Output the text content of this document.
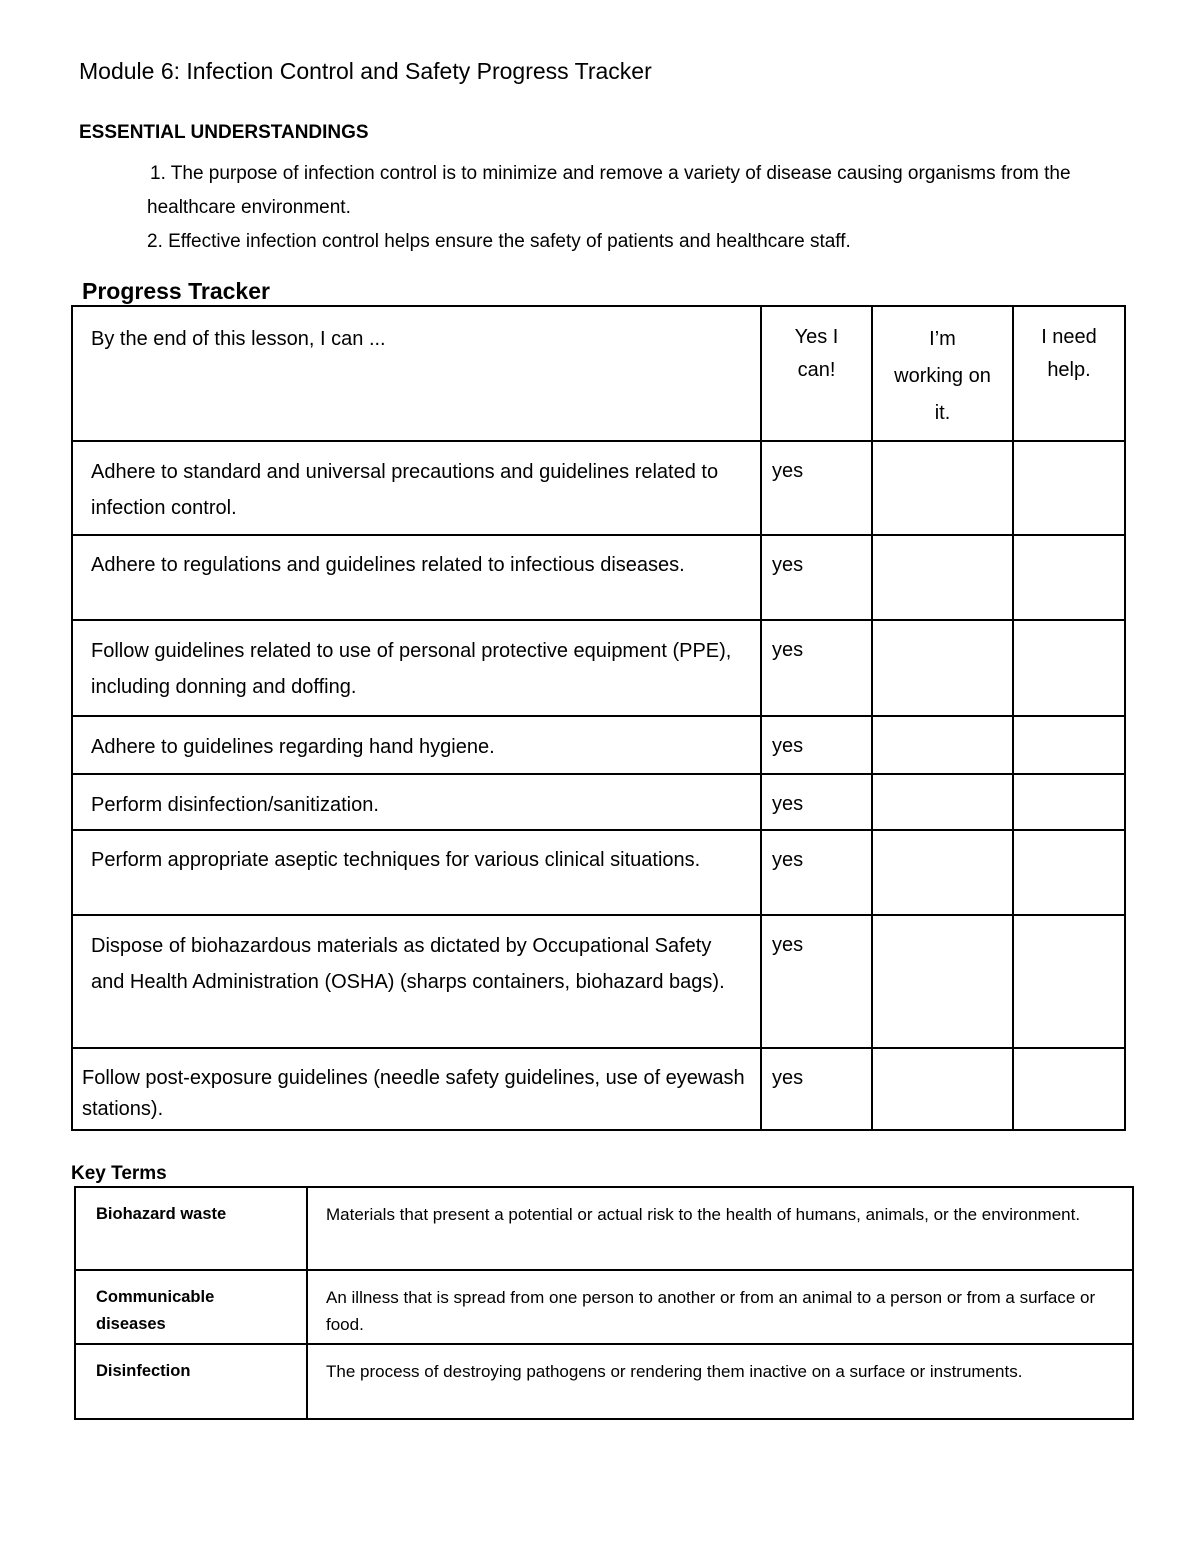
Module 6: Infection Control and Safety Progress Tracker
ESSENTIAL UNDERSTANDINGS

1. The purpose of infection control is to minimize and remove a variety of disease causing organisms from the healthcare environment.

2. Effective infection control helps ensure the safety of patients and healthcare staff.

Progress Tracker
By the end of this lesson, I can ...	Yes I can!	I’m working on it.	I need help.

Adhere to standard and universal precautions and guidelines related to infection control.	yes		

Adhere to regulations and guidelines related to infectious diseases.	yes		

Follow guidelines related to use of personal protective equipment (PPE), including donning and doffing.	yes		

Adhere to guidelines regarding hand hygiene.	yes		

Perform disinfection/sanitization.	yes		

Perform appropriate aseptic techniques for various clinical situations.	yes		

Dispose of biohazardous materials as dictated by Occupational Safety and Health Administration (OSHA) (sharps containers, biohazard bags).	yes		

Follow post-exposure guidelines (needle safety guidelines, use of eyewash stations).	yes		

Key Terms
Biohazard waste	Materials that present a potential or actual risk to the health of humans, animals, or the environment.

Communicable diseases	An illness that is spread from one person to another or from an animal to a person or from a surface or food.

Disinfection	The process of destroying pathogens or rendering them inactive on a surface or instruments.
